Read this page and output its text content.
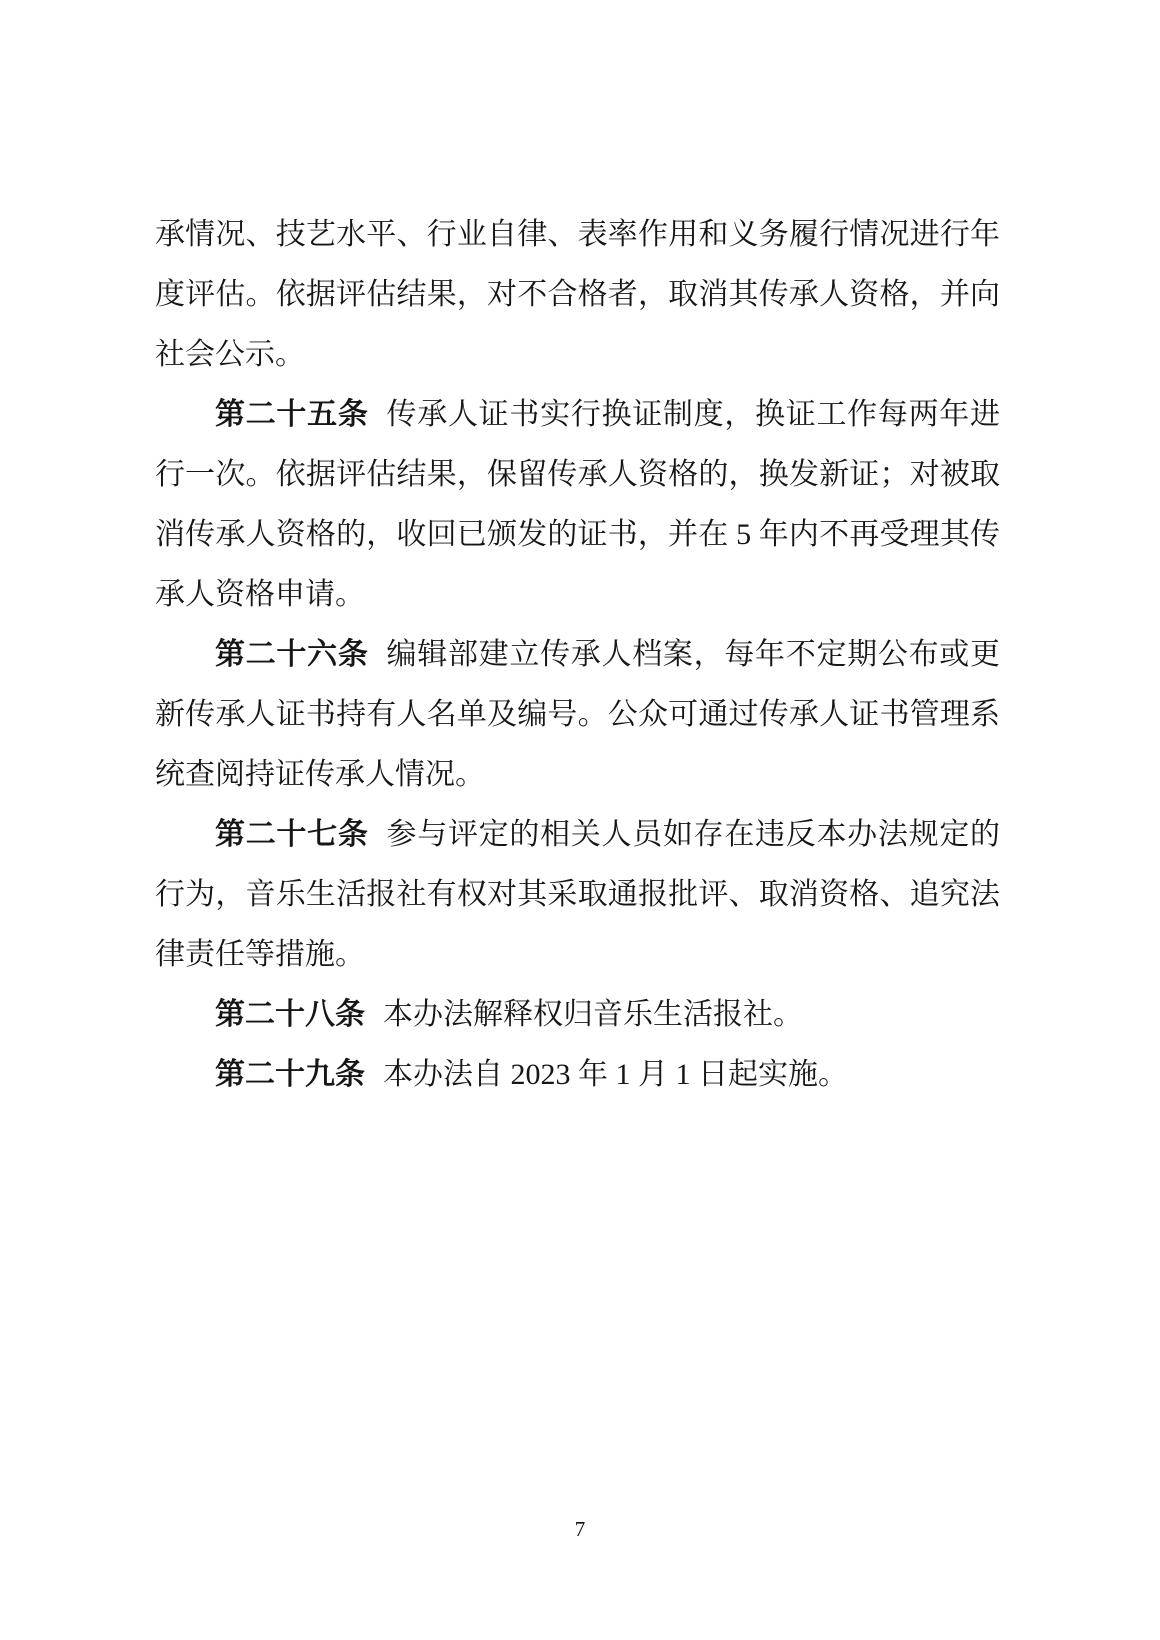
承情况、技艺水平、行业自律、表率作用和义务履行情况进行年度评估。依据评估结果，对不合格者，取消其传承人资格，并向社会公示。

第二十五条 传承人证书实行换证制度，换证工作每两年进行一次。依据评估结果，保留传承人资格的，换发新证；对被取消传承人资格的，收回已颁发的证书，并在 5 年内不再受理其传承人资格申请。

第二十六条 编辑部建立传承人档案，每年不定期公布或更新传承人证书持有人名单及编号。公众可通过传承人证书管理系统查阅持证传承人情况。

第二十七条 参与评定的相关人员如存在违反本办法规定的行为，音乐生活报社有权对其采取通报批评、取消资格、追究法律责任等措施。

第二十八条 本办法解释权归音乐生活报社。

第二十九条 本办法自 2023 年 1 月 1 日起实施。

7
